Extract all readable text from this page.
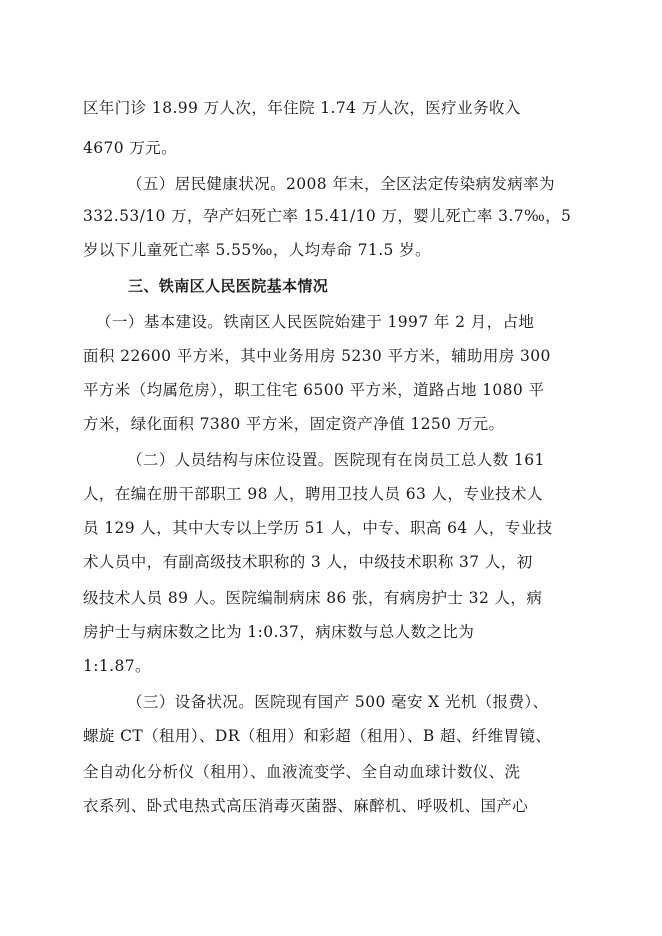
区年门诊 18.99 万人次，年住院 1.74 万人次，医疗业务收入
4670 万元。
（五）居民健康状况。2008 年末，全区法定传染病发病率为
332.53/10 万，孕产妇死亡率 15.41/10 万，婴儿死亡率 3.7‰，5
岁以下儿童死亡率 5.55‰，人均寿命 71.5 岁。
三、铁南区人民医院基本情况
（一）基本建设。铁南区人民医院始建于 1997 年 2 月，占地
面积 22600 平方米，其中业务用房 5230 平方米，辅助用房 300
平方米（均属危房），职工住宅 6500 平方米，道路占地 1080 平
方米，绿化面积 7380 平方米，固定资产净值 1250 万元。
（二）人员结构与床位设置。医院现有在岗员工总人数 161
人，在编在册干部职工 98 人，聘用卫技人员 63 人，专业技术人
员 129 人，其中大专以上学历 51 人，中专、职高 64 人，专业技
术人员中，有副高级技术职称的 3 人，中级技术职称 37 人，初
级技术人员 89 人。医院编制病床 86 张，有病房护士 32 人，病
房护士与病床数之比为 1:0.37，病床数与总人数之比为
1:1.87。
（三）设备状况。医院现有国产 500 毫安 X 光机（报费）、
螺旋 CT（租用）、DR（租用）和彩超（租用）、B 超、纤维胃镜、
全自动化分析仪（租用）、血液流变学、全自动血球计数仪、洗
衣系列、卧式电热式高压消毒灭菌器、麻醉机、呼吸机、国产心
